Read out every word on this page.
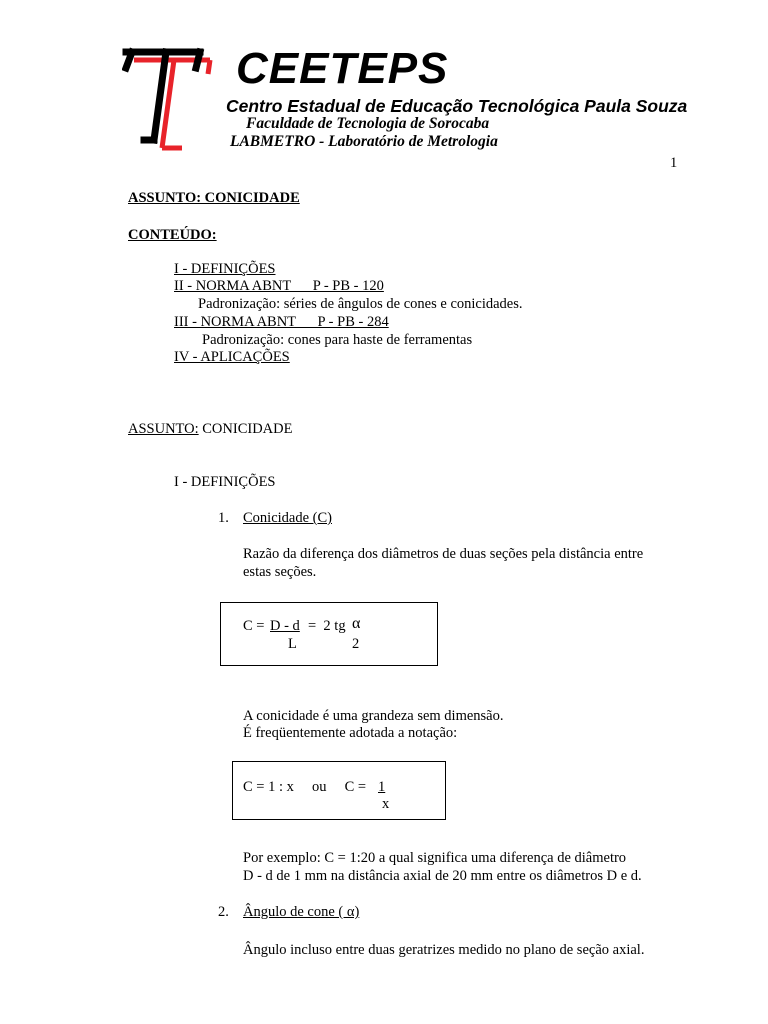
CEETEPS
Centro Estadual de Educação Tecnológica Paula Souza
Faculdade de Tecnologia de Sorocaba
LABMETRO - Laboratório de Metrologia
1
ASSUNTO: CONICIDADE
CONTEÚDO:
I - DEFINIÇÕES
II - NORMA ABNT      P - PB - 120
Padronização: séries de ângulos de cones e conicidades.
III - NORMA ABNT      P - PB - 284
Padronização: cones para haste de ferramentas
IV - APLICAÇÕES
ASSUNTO: CONICIDADE
I - DEFINIÇÕES
1. Conicidade (C)
Razão da diferença dos diâmetros de duas seções pela distância entre
estas seções.
C = D - d =  2 tg α
L	2
A conicidade é uma grandeza sem dimensão.
É freqüentemente adotada a notação:
C = 1 : x     ou     C = 1
x
Por exemplo: C = 1:20 a qual significa uma diferença de diâmetro
D - d de 1 mm na distância axial de 20 mm entre os diâmetros D e d.
2. Ângulo de cone ( α)
Ângulo incluso entre duas geratrizes medido no plano de seção axial.
